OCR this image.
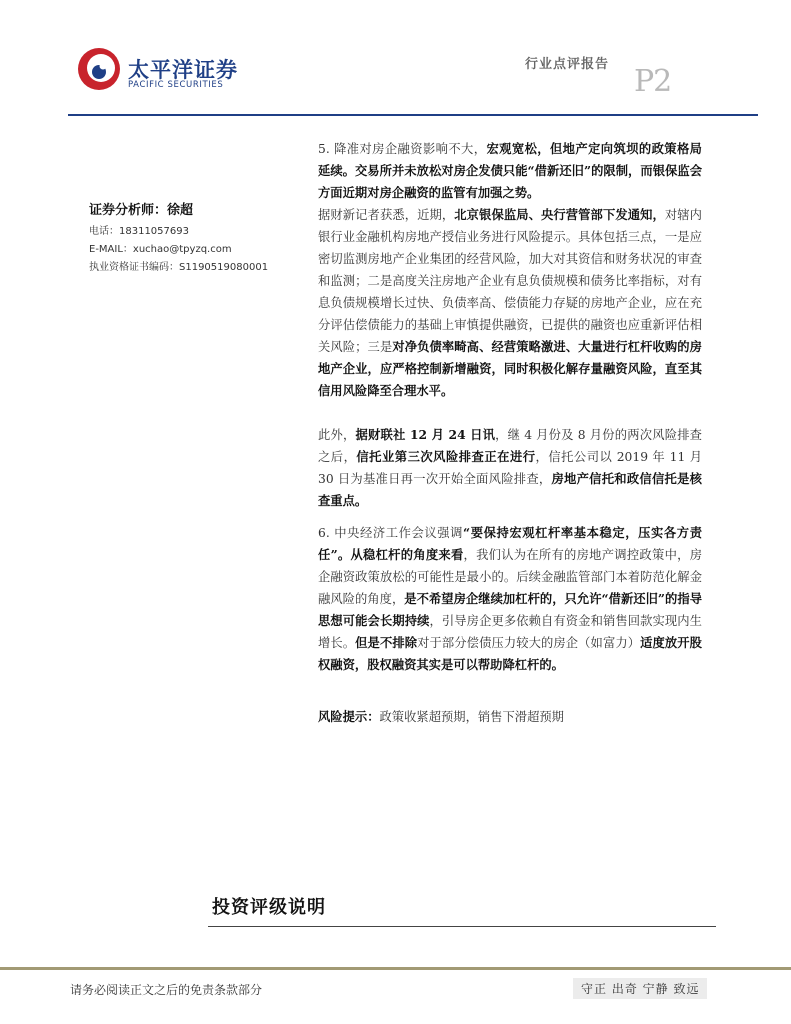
太平洋证券
PACIFIC SECURITIES
行业点评报告 P2
证券分析师：徐超
电话：18311057693
E-MAIL：xuchao@tpyzq.com
执业资格证书编码：S1190519080001
5. 降准对房企融资影响不大，宏观宽松，但地产定向筑坝的政策格局延续。交易所并未放松对房企发债只能“借新还旧”的限制，而银保监会方面近期对房企融资的监管有加强之势。
据财新记者获悉，近期，北京银保监局、央行营管部下发通知，对辖内银行业金融机构房地产授信业务进行风险提示。具体包括三点，一是应密切监测房地产企业集团的经营风险，加大对其资信和财务状况的审查和监测；二是高度关注房地产企业有息负债规模和债务比率指标，对有息负债规模增长过快、负债率高、偿债能力存疑的房地产企业，应在充分评估偿债能力的基础上审慎提供融资，已提供的融资也应重新评估相关风险；三是对净负债率畸高、经营策略激进、大量进行杠杆收购的房地产企业，应严格控制新增融资，同时积极化解存量融资风险，直至其信用风险降至合理水平。
此外，据财联社 12 月 24 日讯，继 4 月份及 8 月份的两次风险排查之后，信托业第三次风险排查正在进行，信托公司以 2019 年 11 月 30 日为基准日再一次开始全面风险排查，房地产信托和政信信托是核查重点。
6. 中央经济工作会议强调“要保持宏观杠杆率基本稳定，压实各方责任”。从稳杠杆的角度来看，我们认为在所有的房地产调控政策中，房企融资政策放松的可能性是最小的。后续金融监管部门本着防范化解金融风险的角度，是不希望房企继续加杠杆的，只允许“借新还旧”的指导思想可能会长期持续，引导房企更多依赖自有资金和销售回款实现内生增长。但是不排除对于部分偿债压力较大的房企（如富力）适度放开股权融资，股权融资其实是可以帮助降杠杆的。
风险提示：政策收紧超预期，销售下滑超预期
投资评级说明
请务必阅读正文之后的免责条款部分	守正 出奇 宁静 致远
